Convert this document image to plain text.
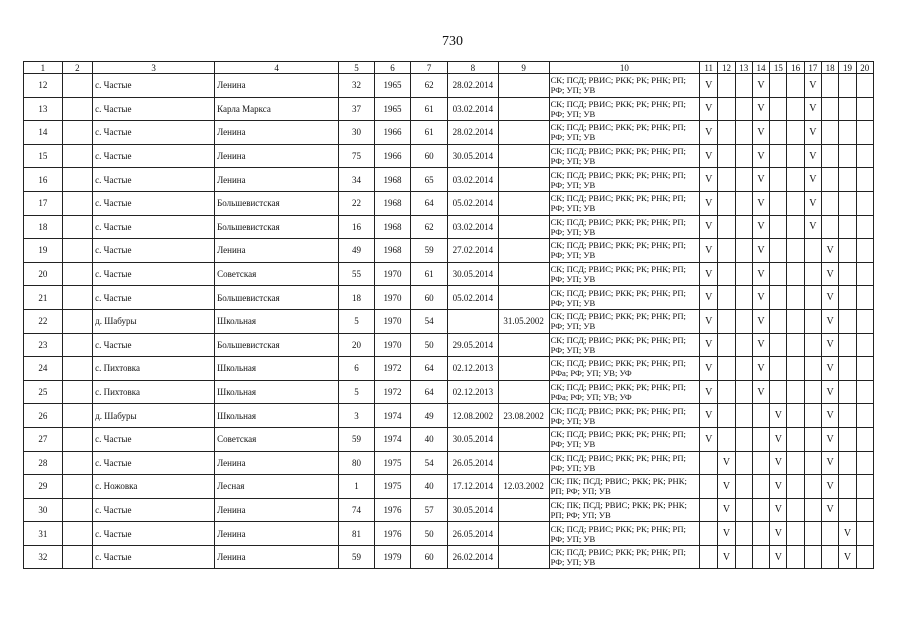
730
1	2	3	4	5	6	7	8	9	10	11	12	13	14	15	16	17	18	19	20
12		с. Частые	Ленина	32	1965	62	28.02.2014		СК; ПСД; РВИС; РКК; РК; РНК; РП; РФ; УП; УВ	V			V			V			
13		с. Частые	Карла Маркса	37	1965	61	03.02.2014		СК; ПСД; РВИС; РКК; РК; РНК; РП; РФ; УП; УВ	V			V			V			
14		с. Частые	Ленина	30	1966	61	28.02.2014		СК; ПСД; РВИС; РКК; РК; РНК; РП; РФ; УП; УВ	V			V			V			
15		с. Частые	Ленина	75	1966	60	30.05.2014		СК; ПСД; РВИС; РКК; РК; РНК; РП; РФ; УП; УВ	V			V			V			
16		с. Частые	Ленина	34	1968	65	03.02.2014		СК; ПСД; РВИС; РКК; РК; РНК; РП; РФ; УП; УВ	V			V			V			
17		с. Частые	Большевистская	22	1968	64	05.02.2014		СК; ПСД; РВИС; РКК; РК; РНК; РП; РФ; УП; УВ	V			V			V			
18		с. Частые	Большевистская	16	1968	62	03.02.2014		СК; ПСД; РВИС; РКК; РК; РНК; РП; РФ; УП; УВ	V			V			V			
19		с. Частые	Ленина	49	1968	59	27.02.2014		СК; ПСД; РВИС; РКК; РК; РНК; РП; РФ; УП; УВ	V			V				V		
20		с. Частые	Советская	55	1970	61	30.05.2014		СК; ПСД; РВИС; РКК; РК; РНК; РП; РФ; УП; УВ	V			V				V		
21		с. Частые	Большевистская	18	1970	60	05.02.2014		СК; ПСД; РВИС; РКК; РК; РНК; РП; РФ; УП; УВ	V			V				V		
22		д. Шабуры	Школьная	5	1970	54		31.05.2002	СК; ПСД; РВИС; РКК; РК; РНК; РП; РФ; УП; УВ	V			V				V		
23		с. Частые	Большевистская	20	1970	50	29.05.2014		СК; ПСД; РВИС; РКК; РК; РНК; РП; РФ; УП; УВ	V			V				V		
24		с. Пихтовка	Школьная	6	1972	64	02.12.2013		СК; ПСД; РВИС; РКК; РК; РНК; РП; РФа; РФ; УП; УВ; УФ	V			V				V		
25		с. Пихтовка	Школьная	5	1972	64	02.12.2013		СК; ПСД; РВИС; РКК; РК; РНК; РП; РФа; РФ; УП; УВ; УФ	V			V				V		
26		д. Шабуры	Школьная	3	1974	49	12.08.2002	23.08.2002	СК; ПСД; РВИС; РКК; РК; РНК; РП; РФ; УП; УВ	V				V			V		
27		с. Частые	Советская	59	1974	40	30.05.2014		СК; ПСД; РВИС; РКК; РК; РНК; РП; РФ; УП; УВ	V				V			V		
28		с. Частые	Ленина	80	1975	54	26.05.2014		СК; ПСД; РВИС; РКК; РК; РНК; РП; РФ; УП; УВ		V			V			V		
29		с. Ножовка	Лесная	1	1975	40	17.12.2014	12.03.2002	СК; ПК; ПСД; РВИС; РКК; РК; РНК; РП; РФ; УП; УВ		V			V			V		
30		с. Частые	Ленина	74	1976	57	30.05.2014		СК; ПК; ПСД; РВИС; РКК; РК; РНК; РП; РФ; УП; УВ		V			V			V		
31		с. Частые	Ленина	81	1976	50	26.05.2014		СК; ПСД; РВИС; РКК; РК; РНК; РП; РФ; УП; УВ		V			V				V	
32		с. Частые	Ленина	59	1979	60	26.02.2014		СК; ПСД; РВИС; РКК; РК; РНК; РП; РФ; УП; УВ		V			V				V	
